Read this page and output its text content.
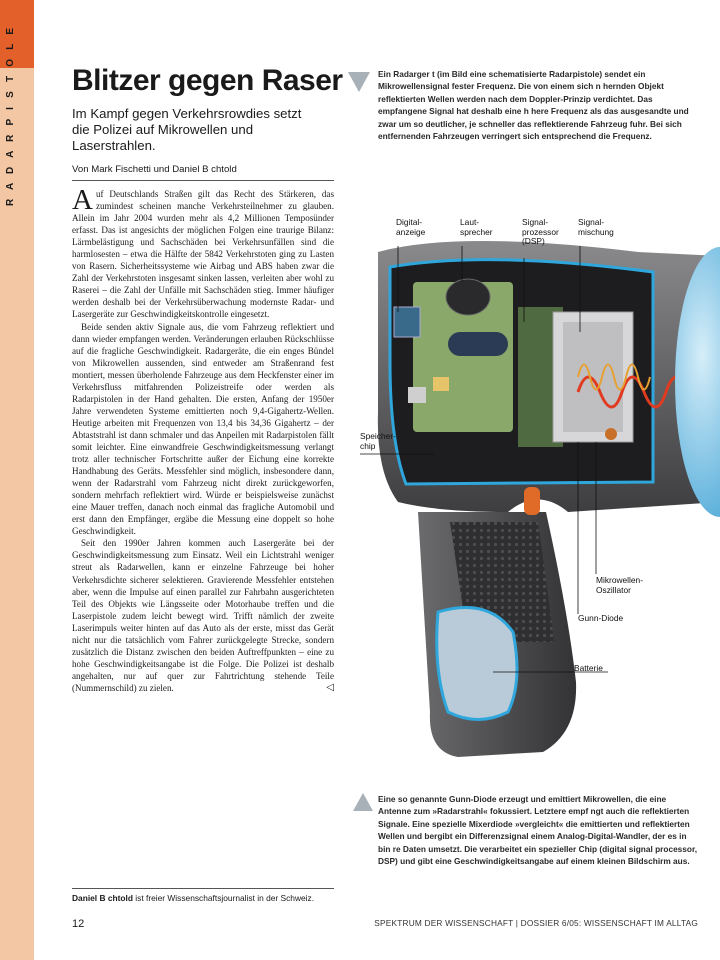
R A D A R P I S T O L E Blitzer gegen Raser

Im Kampf gegen Verkehrsrowdies setzt die Polizei auf Mikrowellen und Laserstrahlen.

Von Mark Fischetti und Daniel B chtold

Auf Deutschlands Straßen gilt das Recht des Stärkeren, das zumindest scheinen manche Verkehrsteilnehmer zu glauben. Allein im Jahr 2004 wurden mehr als 4,2 Millionen Temposünder erfasst. Das ist angesichts der möglichen Folgen eine traurige Bilanz: Lärmbelästigung und Sachschäden bei Verkehrsunfällen sind die harmlosesten – etwa die Hälfte der 5842 Verkehrstoten ging zu Lasten von Rasern. Sicherheitssysteme wie Airbag und ABS haben zwar die Zahl der Verkehrstoten insgesamt sinken lassen, verleiten aber wohl zu Raserei – die Zahl der Unfälle mit Sachschäden stieg. Immer häufiger werden deshalb bei der Verkehrsüberwachung modernste Radar- und Lasergeräte zur Geschwindigkeitskontrolle eingesetzt.

Beide senden aktiv Signale aus, die vom Fahrzeug reflektiert und dann wieder empfangen werden. Veränderungen erlauben Rückschlüsse auf die fragliche Geschwindigkeit. Radargeräte, die ein enges Bündel von Mikrowellen aussenden, sind entweder am Straßenrand fest montiert, messen überholende Fahrzeuge aus dem Heckfenster einer im Verkehrsfluss mitfahrenden Polizeistreife oder werden als Radarpistolen in der Hand gehalten. Die ersten, Anfang der 1950er Jahre verwendeten Systeme emittierten noch 9,4-Gigahertz-Wellen. Heutige arbeiten mit Frequenzen von 13,4 bis 34,36 Gigahertz – der Abtaststrahl ist dann schmaler und das Anpeilen mit Radarpistolen fällt somit leichter. Eine einwandfreie Geschwindigkeitsmessung verlangt trotz aller technischer Fortschritte außer der Eichung eine korrekte Handhabung des Geräts. Messfehler sind möglich, insbesondere dann, wenn der Radarstrahl vom Fahrzeug nicht direkt zurückgeworfen, sondern mehrfach reflektiert wird. Würde er beispielsweise zunächst eine Mauer treffen, danach noch einmal das fragliche Automobil und erst dann den Empfänger, ergäbe die Messung eine doppelt so hohe Geschwindigkeit.

Seit den 1990er Jahren kommen auch Lasergeräte bei der Geschwindigkeitsmessung zum Einsatz. Weil ein Lichtstrahl weniger streut als Radarwellen, kann er einzelne Fahrzeuge bei hoher Verkehrsdichte sicherer selektieren. Gravierende Messfehler entstehen aber, wenn die Impulse auf einen parallel zur Fahrbahn ausgerichteten Teil des Objekts wie Längsseite oder Motorhaube treffen und die Laserpistole zudem leicht bewegt wird. Trifft nämlich der zweite Laserimpuls weiter hinten auf das Auto als der erste, misst das Gerät nicht nur die tatsächlich vom Fahrer zurückgelegte Strecke, sondern zusätzlich die Distanz zwischen den beiden Auftreffpunkten – eine zu hohe Geschwindigkeitsangabe ist die Folge. Die Polizei ist deshalb angehalten, nur auf quer zur Fahrtrichtung stehende Teile (Nummernschild) zu zielen.	◁

Daniel B chtold ist freier Wissenschaftsjournalist in der Schweiz.
Ein Radarger t (im Bild eine schematisierte Radarpistole) sendet ein Mikrowellensignal fester Frequenz. Die von einem sich n hernden Objekt reflektierten Wellen werden nach dem Doppler-Prinzip verdichtet. Das empfangene Signal hat deshalb eine h here Frequenz als das ausgesandte und zwar um so deutlicher, je schneller das reflektierende Fahrzeug fuhr. Bei sich entfernenden Fahrzeugen verringert sich entsprechend die Frequenz.
Digital-
anzeige
Laut-
sprecher
Signal-
prozessor
(DSP)
Signal-
mischung
Speicher-
chip
Mikrowellen-
Oszillator
Gunn-Diode
Batterie
Eine so genannte Gunn-Diode erzeugt und emittiert Mikrowellen, die eine Antenne zum »Radarstrahl« fokussiert. Letztere empf ngt auch die reflektierten Signale. Eine spezielle Mixerdiode »vergleicht« die emittierten und reflektierten Wellen und bergibt ein Differenzsignal einem Analog-Digital-Wandler, der es in bin re Daten umsetzt. Die verarbeitet ein spezieller Chip (digital signal processor, DSP) und gibt eine Geschwindigkeitsangabe auf einem kleinen Bildschirm aus.
12	SPEKTRUM DER WISSENSCHAFT | DOSSIER 6/05: WISSENSCHAFT IM ALLTAG
